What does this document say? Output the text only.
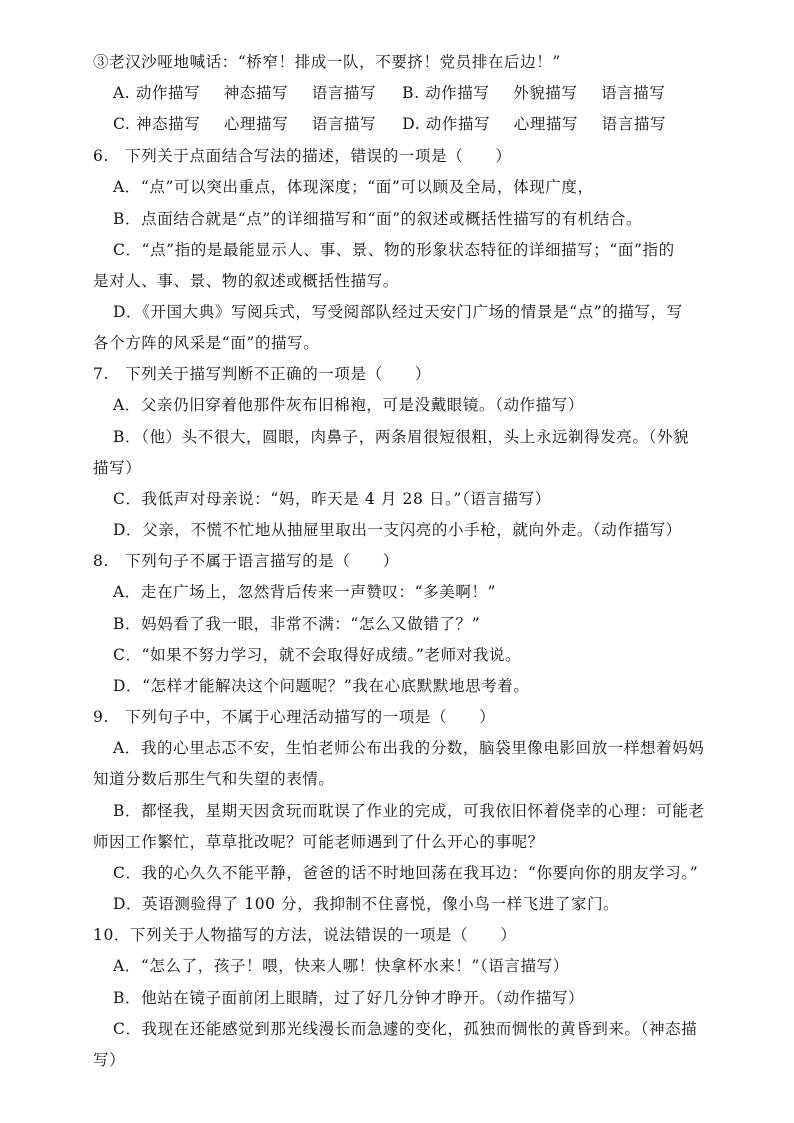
③老汉沙哑地喊话：“桥窄！排成一队，不要挤！党员排在后边！”
A. 动作描写 神态描写 语言描写 B. 动作描写 外貌描写 语言描写
C. 神态描写 心理描写 语言描写 D. 动作描写 心理描写 语言描写
6.　下列关于点面结合写法的描述，错误的一项是（　　）
A．“点”可以突出重点，体现深度；“面”可以顾及全局，体现广度，
B．点面结合就是“点”的详细描写和“面”的叙述或概括性描写的有机结合。
C．“点”指的是最能显示人、事、景、物的形象状态特征的详细描写；“面”指的
是对人、事、景、物的叙述或概括性描写。
D．《开国大典》写阅兵式，写受阅部队经过天安门广场的情景是“点”的描写，写
各个方阵的风采是“面”的描写。
7.　下列关于描写判断不正确的一项是（　　）
A．父亲仍旧穿着他那件灰布旧棉袍，可是没戴眼镜。（动作描写）
B．（他）头不很大，圆眼，肉鼻子，两条眉很短很粗，头上永远剃得发亮。（外貌
描写）
C．我低声对母亲说：“妈，昨天是 4 月 28 日。”（语言描写）
D．父亲，不慌不忙地从抽屉里取出一支闪亮的小手枪，就向外走。（动作描写）
8.　下列句子不属于语言描写的是（　　）
A．走在广场上，忽然背后传来一声赞叹：“多美啊！”
B．妈妈看了我一眼，非常不满：“怎么又做错了？”
C．“如果不努力学习，就不会取得好成绩。”老师对我说。
D．“怎样才能解决这个问题呢？”我在心底默默地思考着。
9.　下列句子中，不属于心理活动描写的一项是（　　）
A．我的心里忐忑不安，生怕老师公布出我的分数，脑袋里像电影回放一样想着妈妈
知道分数后那生气和失望的表情。
B．都怪我，星期天因贪玩而耽误了作业的完成，可我依旧怀着侥幸的心理：可能老
师因工作繁忙，草草批改呢？可能老师遇到了什么开心的事呢？
C．我的心久久不能平静，爸爸的话不时地回荡在我耳边：“你要向你的朋友学习。”
D．英语测验得了 100 分，我抑制不住喜悦，像小鸟一样飞进了家门。
10．下列关于人物描写的方法，说法错误的一项是（　　）
A．“怎么了，孩子！喂，快来人哪！快拿杯水来！”（语言描写）
B．他站在镜子面前闭上眼睛，过了好几分钟才睁开。（动作描写）
C．我现在还能感觉到那光线漫长而急遽的变化，孤独而惆怅的黄昏到来。（神态描
写）
